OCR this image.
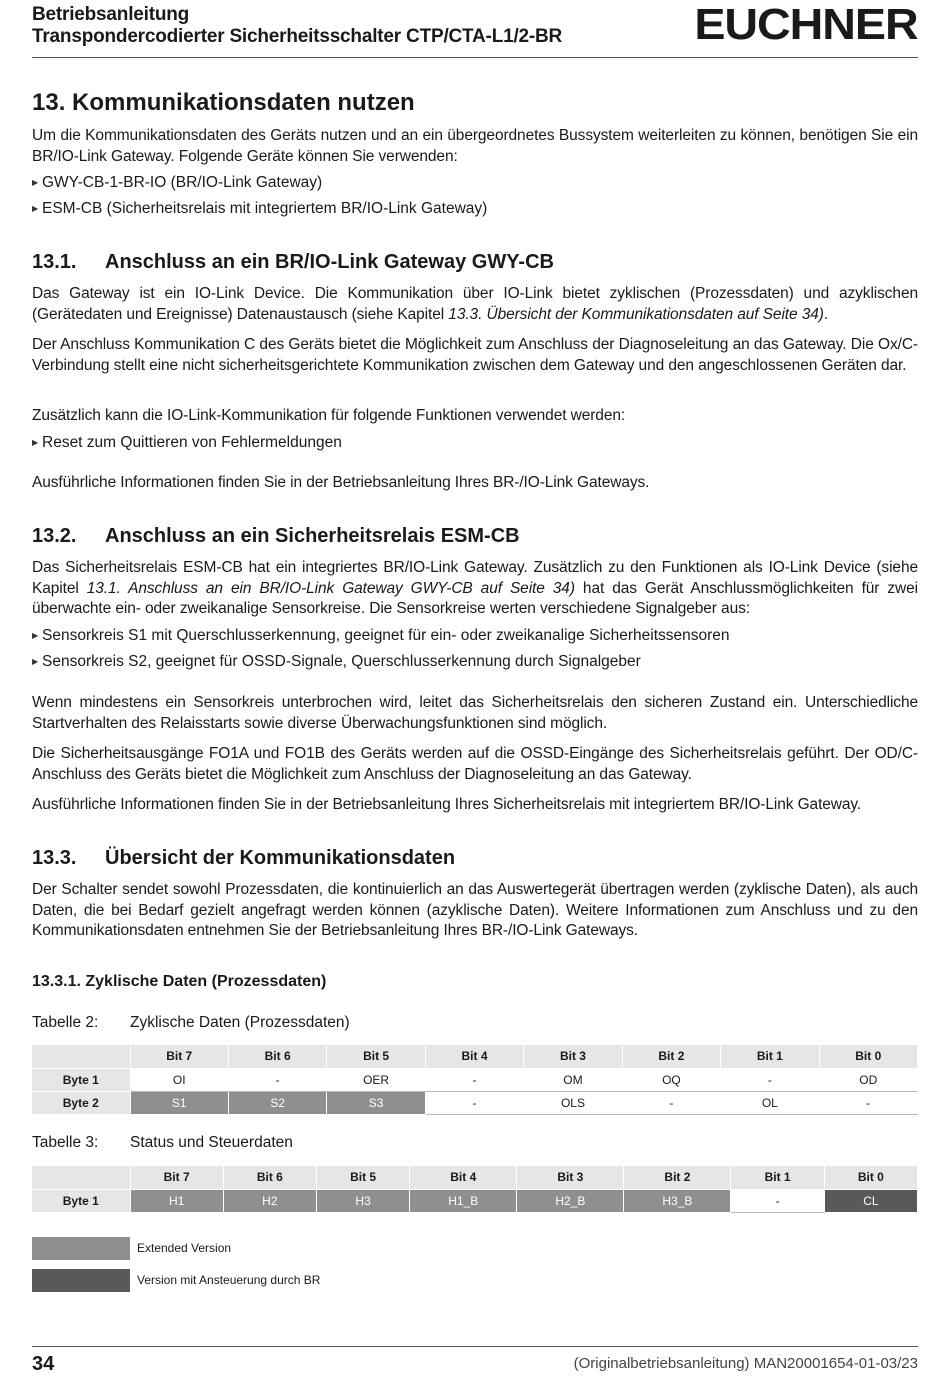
Betriebsanleitung
Transpondercodierter Sicherheitsschalter CTP/CTA-L1/2-BR	EUCHNER
13. Kommunikationsdaten nutzen
Um die Kommunikationsdaten des Geräts nutzen und an ein übergeordnetes Bussystem weiterleiten zu können, benötigen Sie ein BR/IO-Link Gateway. Folgende Geräte können Sie verwenden:
▶ GWY-CB-1-BR-IO (BR/IO-Link Gateway)
▶ ESM-CB (Sicherheitsrelais mit integriertem BR/IO-Link Gateway)
13.1. Anschluss an ein BR/IO-Link Gateway GWY-CB
Das Gateway ist ein IO-Link Device. Die Kommunikation über IO-Link bietet zyklischen (Prozessdaten) und azyklischen (Gerätedaten und Ereignisse) Datenaustausch (siehe Kapitel 13.3. Übersicht der Kommunikationsdaten auf Seite 34).
Der Anschluss Kommunikation C des Geräts bietet die Möglichkeit zum Anschluss der Diagnoseleitung an das Gateway. Die Ox/C-Verbindung stellt eine nicht sicherheitsgerichtete Kommunikation zwischen dem Gateway und den angeschlossenen Geräten dar.
Zusätzlich kann die IO-Link-Kommunikation für folgende Funktionen verwendet werden:
▶ Reset zum Quittieren von Fehlermeldungen
Ausführliche Informationen finden Sie in der Betriebsanleitung Ihres BR-/IO-Link Gateways.
13.2. Anschluss an ein Sicherheitsrelais ESM-CB
Das Sicherheitsrelais ESM-CB hat ein integriertes BR/IO-Link Gateway. Zusätzlich zu den Funktionen als IO-Link Device (siehe Kapitel 13.1. Anschluss an ein BR/IO-Link Gateway GWY-CB auf Seite 34) hat das Gerät Anschlussmöglichkeiten für zwei überwachte ein- oder zweikanalige Sensorkreise. Die Sensorkreise werten verschiedene Signalgeber aus:
▶ Sensorkreis S1 mit Querschlusserkennung, geeignet für ein- oder zweikanalige Sicherheitssensoren
▶ Sensorkreis S2, geeignet für OSSD-Signale, Querschlusserkennung durch Signalgeber
Wenn mindestens ein Sensorkreis unterbrochen wird, leitet das Sicherheitsrelais den sicheren Zustand ein. Unterschiedliche Startverhalten des Relaisstarts sowie diverse Überwachungsfunktionen sind möglich.
Die Sicherheitsausgänge FO1A und FO1B des Geräts werden auf die OSSD-Eingänge des Sicherheitsrelais geführt. Der OD/C-Anschluss des Geräts bietet die Möglichkeit zum Anschluss der Diagnoseleitung an das Gateway.
Ausführliche Informationen finden Sie in der Betriebsanleitung Ihres Sicherheitsrelais mit integriertem BR/IO-Link Gateway.
13.3. Übersicht der Kommunikationsdaten
Der Schalter sendet sowohl Prozessdaten, die kontinuierlich an das Auswertegerät übertragen werden (zyklische Daten), als auch Daten, die bei Bedarf gezielt angefragt werden können (azyklische Daten). Weitere Informationen zum Anschluss und zu den Kommunikationsdaten entnehmen Sie der Betriebsanleitung Ihres BR-/IO-Link Gateways.
13.3.1. Zyklische Daten (Prozessdaten)
Tabelle 2: Zyklische Daten (Prozessdaten)
	Bit 7	Bit 6	Bit 5	Bit 4	Bit 3	Bit 2	Bit 1	Bit 0
Byte 1	OI	-	OER	-	OM	OQ	-	OD
Byte 2	S1	S2	S3	-	OLS	-	OL	-
Tabelle 3: Status und Steuerdaten
	Bit 7	Bit 6	Bit 5	Bit 4	Bit 3	Bit 2	Bit 1	Bit 0
Byte 1	H1	H2	H3	H1_B	H2_B	H3_B	-	CL
Extended Version
Version mit Ansteuerung durch BR
34	(Originalbetriebsanleitung) MAN20001654-01-03/23
